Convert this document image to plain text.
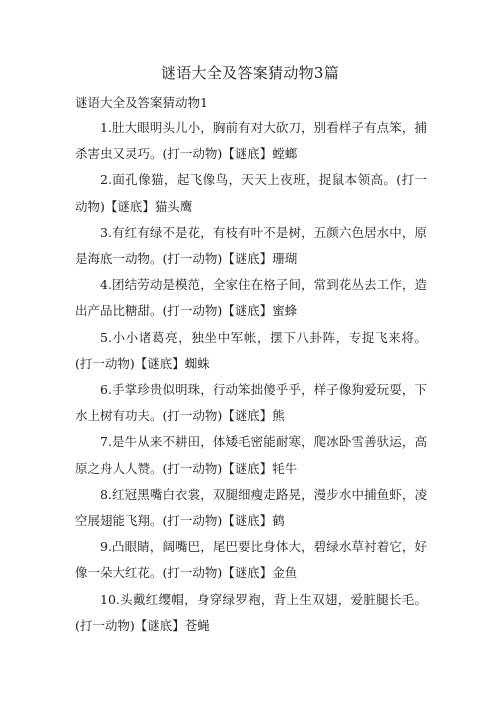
谜语大全及答案猜动物3篇
谜语大全及答案猜动物1

1.肚大眼明头儿小，胸前有对大砍刀，别看样子有点笨，捕杀害虫又灵巧。(打一动物)【谜底】螳螂

2.面孔像猫，起飞像鸟，天天上夜班，捉鼠本领高。(打一动物)【谜底】猫头鹰

3.有红有绿不是花，有枝有叶不是树，五颜六色居水中，原是海底一动物。(打一动物)【谜底】珊瑚

4.团结劳动是模范，全家住在格子间，常到花丛去工作，造出产品比糖甜。(打一动物)【谜底】蜜蜂

5.小小诸葛亮，独坐中军帐，摆下八卦阵，专捉飞来将。(打一动物)【谜底】蜘蛛

6.手掌珍贵似明珠，行动笨拙傻乎乎，样子像狗爱玩耍，下水上树有功夫。(打一动物)【谜底】熊

7.是牛从来不耕田，体矮毛密能耐寒，爬冰卧雪善驮运，高原之舟人人赞。(打一动物)【谜底】牦牛

8.红冠黑嘴白衣裳，双腿细瘦走路晃，漫步水中捕鱼虾，凌空展翅能飞翔。(打一动物)【谜底】鹤

9.凸眼睛，阔嘴巴，尾巴要比身体大，碧绿水草衬着它，好像一朵大红花。(打一动物)【谜底】金鱼

10.头戴红缨帽，身穿绿罗袍，背上生双翅，爱脏腿长毛。(打一动物)【谜底】苍蝇
